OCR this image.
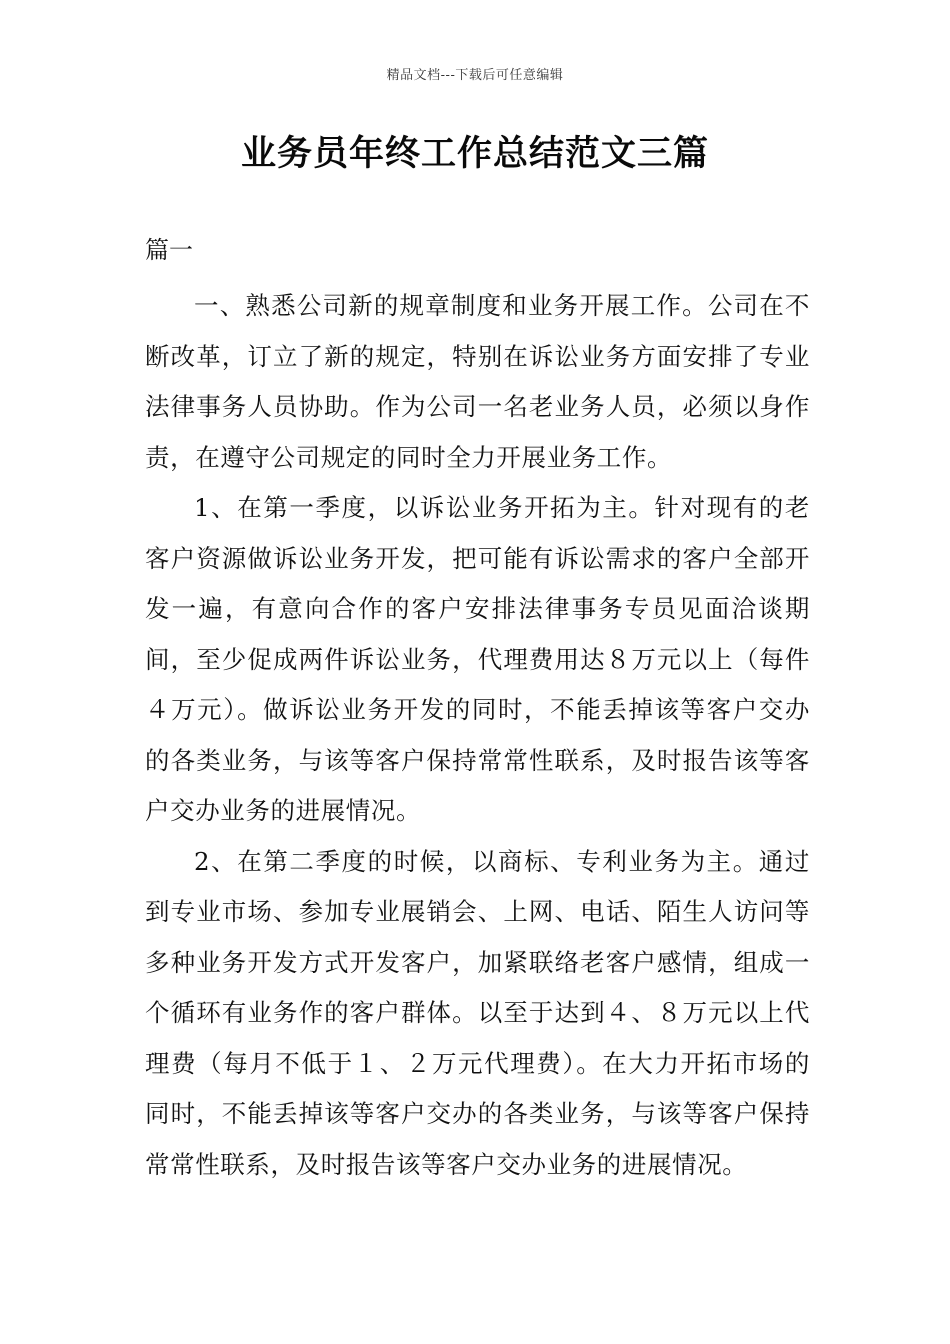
精品文档---下载后可任意编辑
业务员年终工作总结范文三篇

篇一

一、熟悉公司新的规章制度和业务开展工作。公司在不断改革，订立了新的规定，特别在诉讼业务方面安排了专业法律事务人员协助。作为公司一名老业务人员，必须以身作责，在遵守公司规定的同时全力开展业务工作。

1、在第一季度，以诉讼业务开拓为主。针对现有的老客户资源做诉讼业务开发，把可能有诉讼需求的客户全部开发一遍，有意向合作的客户安排法律事务专员见面洽谈期间，至少促成两件诉讼业务，代理费用达８万元以上（每件４万元）。做诉讼业务开发的同时，不能丢掉该等客户交办的各类业务，与该等客户保持常常性联系，及时报告该等客户交办业务的进展情况。

2、在第二季度的时候，以商标、专利业务为主。通过到专业市场、参加专业展销会、上网、电话、陌生人访问等多种业务开发方式开发客户，加紧联络老客户感情，组成一个循环有业务作的客户群体。以至于达到４、８万元以上代理费（每月不低于１、２万元代理费）。在大力开拓市场的同时，不能丢掉该等客户交办的各类业务，与该等客户保持常常性联系，及时报告该等客户交办业务的进展情况。
